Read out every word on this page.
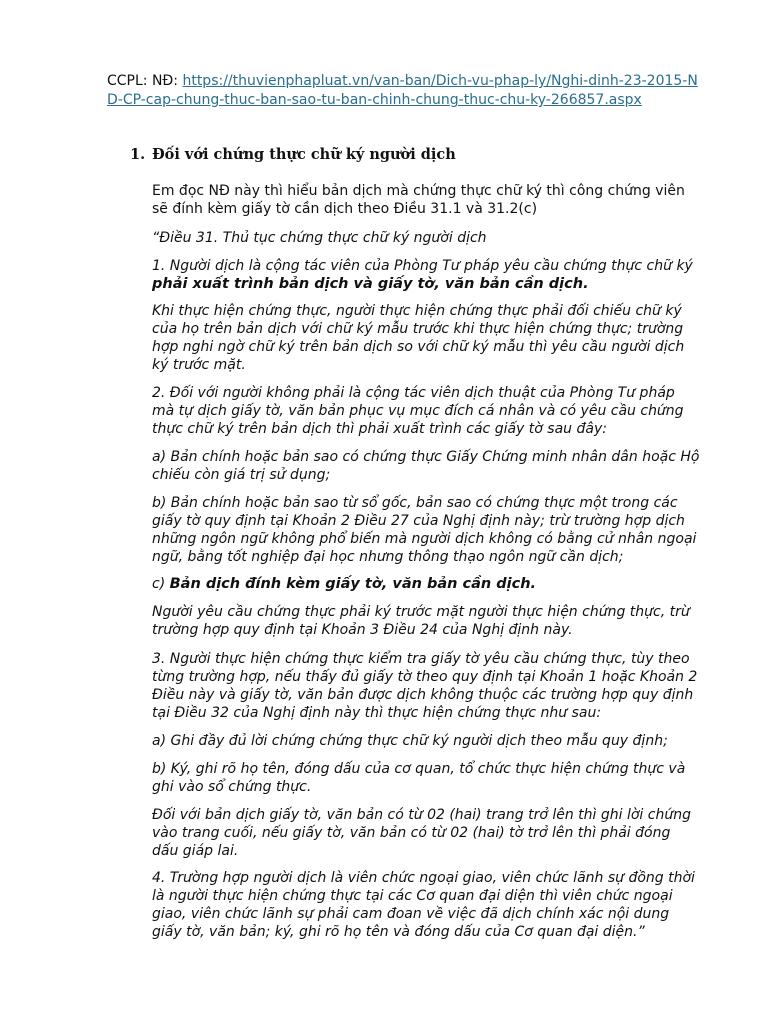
CCPL: NĐ: https://thuvienphapluat.vn/van-ban/Dich-vu-phap-ly/Nghi-dinh-23-2015-ND-CP-cap-chung-thuc-ban-sao-tu-ban-chinh-chung-thuc-chu-ky-266857.aspx
1. Đối với chứng thực chữ ký người dịch
Em đọc NĐ này thì hiểu bản dịch mà chứng thực chữ ký thì công chứng viên sẽ đính kèm giấy tờ cần dịch theo Điều 31.1 và 31.2(c)
“Điều 31. Thủ tục chứng thực chữ ký người dịch
1. Người dịch là cộng tác viên của Phòng Tư pháp yêu cầu chứng thực chữ ký phải xuất trình bản dịch và giấy tờ, văn bản cần dịch.
Khi thực hiện chứng thực, người thực hiện chứng thực phải đối chiếu chữ ký của họ trên bản dịch với chữ ký mẫu trước khi thực hiện chứng thực; trường hợp nghi ngờ chữ ký trên bản dịch so với chữ ký mẫu thì yêu cầu người dịch ký trước mặt.
2. Đối với người không phải là cộng tác viên dịch thuật của Phòng Tư pháp mà tự dịch giấy tờ, văn bản phục vụ mục đích cá nhân và có yêu cầu chứng thực chữ ký trên bản dịch thì phải xuất trình các giấy tờ sau đây:
a) Bản chính hoặc bản sao có chứng thực Giấy Chứng minh nhân dân hoặc Hộ chiếu còn giá trị sử dụng;
b) Bản chính hoặc bản sao từ sổ gốc, bản sao có chứng thực một trong các giấy tờ quy định tại Khoản 2 Điều 27 của Nghị định này; trừ trường hợp dịch những ngôn ngữ không phổ biến mà người dịch không có bằng cử nhân ngoại ngữ, bằng tốt nghiệp đại học nhưng thông thạo ngôn ngữ cần dịch;
c) Bản dịch đính kèm giấy tờ, văn bản cần dịch.
Người yêu cầu chứng thực phải ký trước mặt người thực hiện chứng thực, trừ trường hợp quy định tại Khoản 3 Điều 24 của Nghị định này.
3. Người thực hiện chứng thực kiểm tra giấy tờ yêu cầu chứng thực, tùy theo từng trường hợp, nếu thấy đủ giấy tờ theo quy định tại Khoản 1 hoặc Khoản 2 Điều này và giấy tờ, văn bản được dịch không thuộc các trường hợp quy định tại Điều 32 của Nghị định này thì thực hiện chứng thực như sau:
a) Ghi đầy đủ lời chứng chứng thực chữ ký người dịch theo mẫu quy định;
b) Ký, ghi rõ họ tên, đóng dấu của cơ quan, tổ chức thực hiện chứng thực và ghi vào sổ chứng thực.
Đối với bản dịch giấy tờ, văn bản có từ 02 (hai) trang trở lên thì ghi lời chứng vào trang cuối, nếu giấy tờ, văn bản có từ 02 (hai) tờ trở lên thì phải đóng dấu giáp lai.
4. Trường hợp người dịch là viên chức ngoại giao, viên chức lãnh sự đồng thời là người thực hiện chứng thực tại các Cơ quan đại diện thì viên chức ngoại giao, viên chức lãnh sự phải cam đoan về việc đã dịch chính xác nội dung giấy tờ, văn bản; ký, ghi rõ họ tên và đóng dấu của Cơ quan đại diện.”
